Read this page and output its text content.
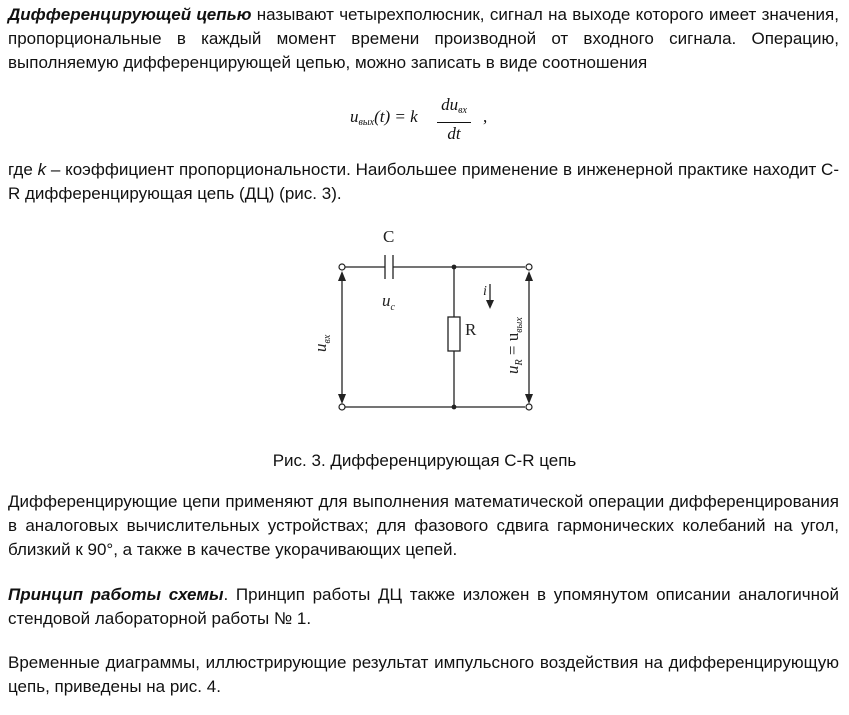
Дифференцирующей цепью называют четырехполюсник, сигнал на выходе которого имеет значения, пропорциональные в каждый момент времени производной от входного сигнала. Операцию, выполняемую дифференцирующей цепью, можно записать в виде соотношения

$u_{вых}(t) = k$
$du_{вх}$
dt
,

где k – коэффициент пропорциональности. Наибольшее применение в инженерной практике находит C-R дифференцирующая цепь (ДЦ) (рис. 3).

C
R
$u_c$
i
$u_{вх}$
$u_R = u_{вых}$
Рис. 3. Дифференцирующая C-R цепь

Дифференцирующие цепи применяют для выполнения математической операции дифференцирования в аналоговых вычислительных устройствах; для фазового сдвига гармонических колебаний на угол, близкий к 90°, а также в качестве укорачивающих цепей.

Принцип работы схемы. Принцип работы ДЦ также изложен в упомянутом описании аналогичной стендовой лабораторной работы № 1.

Временные диаграммы, иллюстрирующие результат импульсного воздействия на дифференцирующую цепь, приведены на рис. 4.
